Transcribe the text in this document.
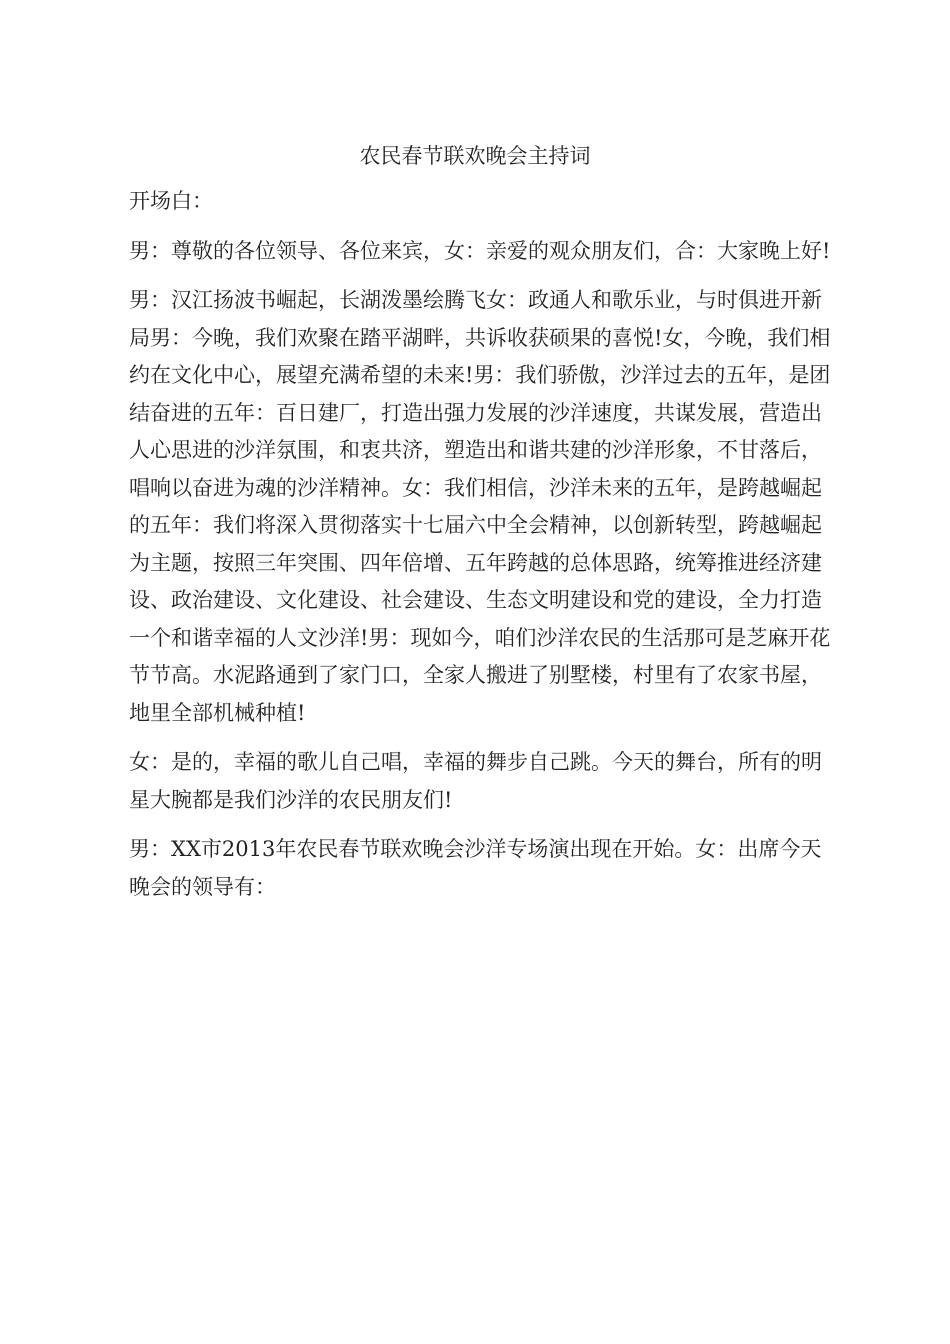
农民春节联欢晚会主持词

开场白：

男：尊敬的各位领导、各位来宾，女：亲爱的观众朋友们，合：大家晚上好!

男：汉江扬波书崛起，长湖泼墨绘腾飞女：政通人和歌乐业，与时俱进开新局男：今晚，我们欢聚在踏平湖畔，共诉收获硕果的喜悦!女，今晚，我们相约在文化中心，展望充满希望的未来!男：我们骄傲，沙洋过去的五年，是团结奋进的五年：百日建厂，打造出强力发展的沙洋速度，共谋发展，营造出人心思进的沙洋氛围，和衷共济，塑造出和谐共建的沙洋形象，不甘落后，唱响以奋进为魂的沙洋精神。女：我们相信，沙洋未来的五年，是跨越崛起的五年：我们将深入贯彻落实十七届六中全会精神，以创新转型，跨越崛起为主题，按照三年突围、四年倍增、五年跨越的总体思路，统筹推进经济建设、政治建设、文化建设、社会建设、生态文明建设和党的建设，全力打造一个和谐幸福的人文沙洋!男：现如今，咱们沙洋农民的生活那可是芝麻开花节节高。水泥路通到了家门口，全家人搬进了别墅楼，村里有了农家书屋，地里全部机械种植!

女：是的，幸福的歌儿自己唱，幸福的舞步自己跳。今天的舞台，所有的明星大腕都是我们沙洋的农民朋友们!

男：XX市2013年农民春节联欢晚会沙洋专场演出现在开始。女：出席今天晚会的领导有：
